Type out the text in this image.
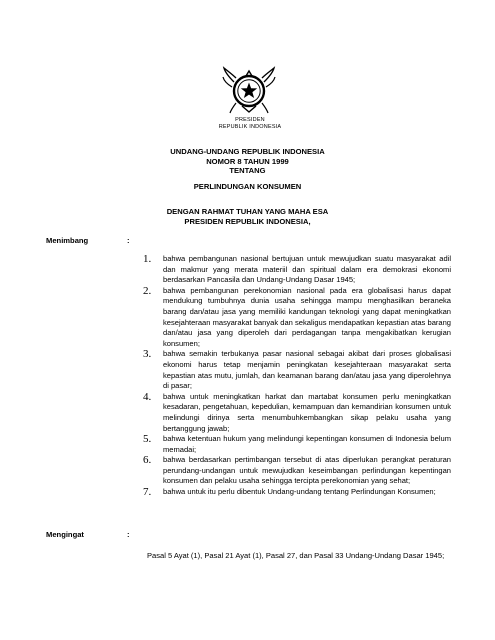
PRESIDEN
REPUBLIK INDONESIA
UNDANG-UNDANG REPUBLIK INDONESIA
NOMOR 8 TAHUN 1999
TENTANG
PERLINDUNGAN KONSUMEN
DENGAN RAHMAT TUHAN YANG MAHA ESA
PRESIDEN REPUBLIK INDONESIA,
Menimbang	:
1. bahwa pembangunan nasional bertujuan untuk mewujudkan suatu masyarakat adil dan makmur yang merata materiil dan spiritual dalam era demokrasi ekonomi berdasarkan Pancasila dan Undang-Undang Dasar 1945;
2. bahwa pembangunan perekonomian nasional pada era globalisasi harus dapat mendukung tumbuhnya dunia usaha sehingga mampu menghasilkan beraneka barang dan/atau jasa yang memiliki kandungan teknologi yang dapat meningkatkan kesejahteraan masyarakat banyak dan sekaligus mendapatkan kepastian atas barang dan/atau jasa yang diperoleh dari perdagangan tanpa mengakibatkan kerugian konsumen;
3. bahwa semakin terbukanya pasar nasional sebagai akibat dari proses globalisasi ekonomi harus tetap menjamin peningkatan kesejahteraan masyarakat serta kepastian atas mutu, jumlah, dan keamanan barang dan/atau jasa yang diperolehnya di pasar;
4. bahwa untuk meningkatkan harkat dan martabat konsumen perlu meningkatkan kesadaran, pengetahuan, kepedulian, kemampuan dan kemandirian konsumen untuk melindungi dirinya serta menumbuhkembangkan sikap pelaku usaha yang bertanggung jawab;
5. bahwa ketentuan hukum yang melindungi kepentingan konsumen di Indonesia belum memadai;
6. bahwa berdasarkan pertimbangan tersebut di atas diperlukan perangkat peraturan perundang-undangan untuk mewujudkan keseimbangan perlindungan kepentingan konsumen dan pelaku usaha sehingga tercipta perekonomian yang sehat;
7. bahwa untuk itu perlu dibentuk Undang-undang tentang Perlindungan Konsumen;
Mengingat	:
Pasal 5 Ayat (1), Pasal 21 Ayat (1), Pasal 27, dan Pasal 33 Undang-Undang Dasar 1945;
